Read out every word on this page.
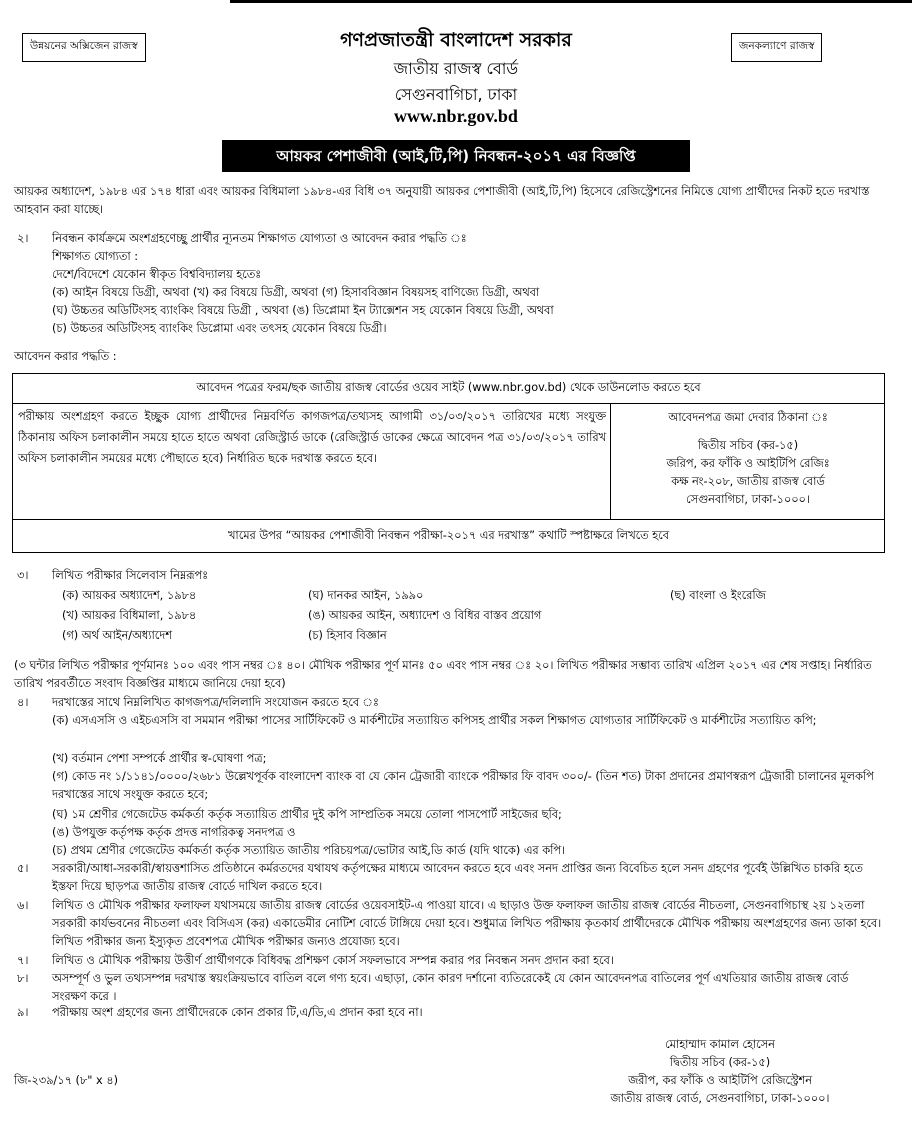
উন্নয়নের অক্সিজেন রাজস্ব	জনকল্যাণে রাজস্ব
গণপ্রজাতন্ত্রী বাংলাদেশ সরকার
জাতীয় রাজস্ব বোর্ড
সেগুনবাগিচা, ঢাকা
www.nbr.gov.bd
আয়কর পেশাজীবী (আই,টি,পি) নিবন্ধন-২০১৭ এর বিজ্ঞপ্তি
আয়কর অধ্যাদেশ, ১৯৮৪ এর ১৭৪ ধারা এবং আয়কর বিধিমালা ১৯৮৪-এর বিধি ৩৭ অনুযায়ী আয়কর পেশাজীবী (আই,টি,পি) হিসেবে রেজিস্ট্রেশনের নিমিত্তে যোগ্য প্রার্থীদের নিকট হতে দরখাস্ত আহবান করা যাচ্ছে।
২। নিবন্ধন কার্যক্রমে অংশগ্রহণেচ্ছু প্রার্থীর ন্যূনতম শিক্ষাগত যোগ্যতা ও আবেদন করার পদ্ধতি ঃ
শিক্ষাগত যোগ্যতা :
দেশে/বিদেশে যেকোন স্বীকৃত বিশ্ববিদ্যালয় হতেঃ
(ক) আইন বিষয়ে ডিগ্রী, অথবা (খ) কর বিষয়ে ডিগ্রী, অথবা (গ) হিসাববিজ্ঞান বিষয়সহ বাণিজ্যে ডিগ্রী, অথবা
(ঘ) উচ্চতর অডিটিংসহ ব্যাংকিং বিষয়ে ডিগ্রী , অথবা (ঙ) ডিপ্লোমা ইন ট্যাক্সেশন সহ যেকোন বিষয়ে ডিগ্রী, অথবা
(চ) উচ্চতর অডিটিংসহ ব্যাংকিং ডিপ্লোমা এবং তৎসহ যেকোন বিষয়ে ডিগ্রী।
আবেদন করার পদ্ধতি :
আবেদন পত্রের ফরম/ছক জাতীয় রাজস্ব বোর্ডের ওয়েব সাইট (www.nbr.gov.bd) থেকে ডাউনলোড করতে হবে
পরীক্ষায় অংশগ্রহণ করতে ইচ্ছুক যোগ্য প্রার্থীদের নিম্নবর্ণিত কাগজপত্র/তথ্যসহ আগামী ৩১/০৩/২০১৭ তারিখের মধ্যে সংযুক্ত ঠিকানায় অফিস চলাকালীন সময়ে হাতে হাতে অথবা রেজিস্ট্রার্ড ডাকে (রেজিস্ট্রার্ড ডাকের ক্ষেত্রে আবেদন পত্র ৩১/০৩/২০১৭ তারিখ অফিস চলাকালীন সময়ের মধ্যে পৌছাতে হবে) নির্ধারিত ছকে দরখাস্ত করতে হবে।
আবেদনপত্র জমা দেবার ঠিকানা ঃ
দ্বিতীয় সচিব (কর-১৫)
জরিপ, কর ফাঁকি ও আইটিপি রেজিঃ
কক্ষ নং-২০৮, জাতীয় রাজস্ব বোর্ড
সেগুনবাগিচা, ঢাকা-১০০০।
খামের উপর “আয়কর পেশাজীবী নিবন্ধন পরীক্ষা-২০১৭ এর দরখাস্ত” কথাটি স্পষ্টাক্ষরে লিখতে হবে
৩। লিখিত পরীক্ষার সিলেবাস নিম্নরূপঃ
(ক) আয়কর অধ্যাদেশ, ১৯৮৪
(খ) আয়কর বিধিমালা, ১৯৮৪
(গ) অর্থ আইন/অধ্যাদেশ
(ঘ) দানকর আইন, ১৯৯০
(ঙ) আয়কর আইন, অধ্যাদেশ ও বিধির বাস্তব প্রয়োগ
(চ) হিসাব বিজ্ঞান
(ছ) বাংলা ও ইংরেজি
(৩ ঘন্টার লিখিত পরীক্ষার পূর্ণমানঃ ১০০ এবং পাস নম্বর ঃ ৪০। মৌখিক পরীক্ষার পূর্ণ মানঃ ৫০ এবং পাস নম্বর ঃ ২০। লিখিত পরীক্ষার সম্ভাব্য তারিখ এপ্রিল ২০১৭ এর শেষ সপ্তাহ। নির্ধারিত তারিখ পরবর্তীতে সংবাদ বিজ্ঞপ্তির মাধ্যমে জানিয়ে দেয়া হবে)
৪। দরখাস্তের সাথে নিম্নলিখিত কাগজপত্র/দলিলাদি সংযোজন করতে হবে ঃ
(ক) এসএসসি ও এইচএসসি বা সমমান পরীক্ষা পাসের সার্টিফিকেট ও মার্কশীটের সত্যায়িত কপিসহ প্রার্থীর সকল শিক্ষাগত যোগ্যতার সার্টিফিকেট ও মার্কশীটের সত্যায়িত কপি;
(খ) বর্তমান পেশা সম্পর্কে প্রার্থীর স্ব-ঘোষণা পত্র;
(গ) কোড নং ১/১১৪১/০০০০/২৬৮১ উল্লেখপূর্বক বাংলাদেশ ব্যাংক বা যে কোন ট্রেজারী ব্যাংকে পরীক্ষার ফি বাবদ ৩০০/- (তিন শত) টাকা প্রদানের প্রমাণস্বরূপ ট্রেজারী চালানের মূলকপি দরখাস্তের সাথে সংযুক্ত করতে হবে;
(ঘ) ১ম শ্রেণীর গেজেটেড কর্মকর্তা কর্তৃক সত্যায়িত প্রার্থীর দুই কপি সাম্প্রতিক সময়ে তোলা পাসপোর্ট সাইজের ছবি;
(ঙ) উপযুক্ত কর্তৃপক্ষ কর্তৃক প্রদত্ত নাগরিকত্ব সনদপত্র ও
(চ) প্রথম শ্রেণীর গেজেটেড কর্মকর্তা কর্তৃক সত্যায়িত জাতীয় পরিচয়পত্র/ভোটার আই,ডি কার্ড (যদি থাকে) এর কপি।
৫। সরকারী/আধা-সরকারী/স্বায়ত্তশাসিত প্রতিষ্ঠানে কর্মরতদের যথাযথ কর্তৃপক্ষের মাধ্যমে আবেদন করতে হবে এবং সনদ প্রাপ্তির জন্য বিবেচিত হলে সনদ গ্রহণের পূর্বেই উল্লিখিত চাকরি হতে ইস্তফা দিয়ে ছাড়পত্র জাতীয় রাজস্ব বোর্ডে দাখিল করতে হবে।
৬। লিখিত ও মৌখিক পরীক্ষার ফলাফল যথাসময়ে জাতীয় রাজস্ব বোর্ডের ওয়েবসাইট-এ পাওয়া যাবে। এ ছাড়াও উক্ত ফলাফল জাতীয় রাজস্ব বোর্ডের নীচতলা, সেগুনবাগিচাস্থ ২য় ১২তলা সরকারী কার্যভবনের নীচতলা এবং বিসিএস (কর) একাডেমীর নোটিশ বোর্ডে টাঙ্গিয়ে দেয়া হবে। শুধুমাত্র লিখিত পরীক্ষায় কৃতকার্য প্রার্থীদেরকে মৌখিক পরীক্ষায় অংশগ্রহণের জন্য ডাকা হবে। লিখিত পরীক্ষার জন্য ইস্যুকৃত প্রবেশপত্র মৌখিক পরীক্ষার জন্যও প্রযোজ্য হবে।
৭। লিখিত ও মৌখিক পরীক্ষায় উত্তীর্ণ প্রার্থীগণকে বিধিবদ্ধ প্রশিক্ষণ কোর্স সফলভাবে সম্পন্ন করার পর নিবন্ধন সনদ প্রদান করা হবে।
৮। অসম্পূর্ণ ও ভুল তথ্যসম্পন্ন দরখাস্ত স্বয়ংক্রিয়ভাবে বাতিল বলে গণ্য হবে। এছাড়া, কোন কারণ দর্শানো ব্যতিরেকেই যে কোন আবেদনপত্র বাতিলের পূর্ণ এখতিয়ার জাতীয় রাজস্ব বোর্ড সংরক্ষণ করে ।
৯। পরীক্ষায় অংশ গ্রহণের জন্য প্রার্থীদেরকে কোন প্রকার টি,এ/ডি,এ প্রদান করা হবে না।
মোহাম্মাদ কামাল হোসেন
দ্বিতীয় সচিব (কর-১৫)
জরীপ, কর ফাঁকি ও আইটিপি রেজিস্ট্রেশন
জাতীয় রাজস্ব বোর্ড, সেগুনবাগিচা, ঢাকা-১০০০।
জি-২৩৯/১৭ (৮" x ৪)
